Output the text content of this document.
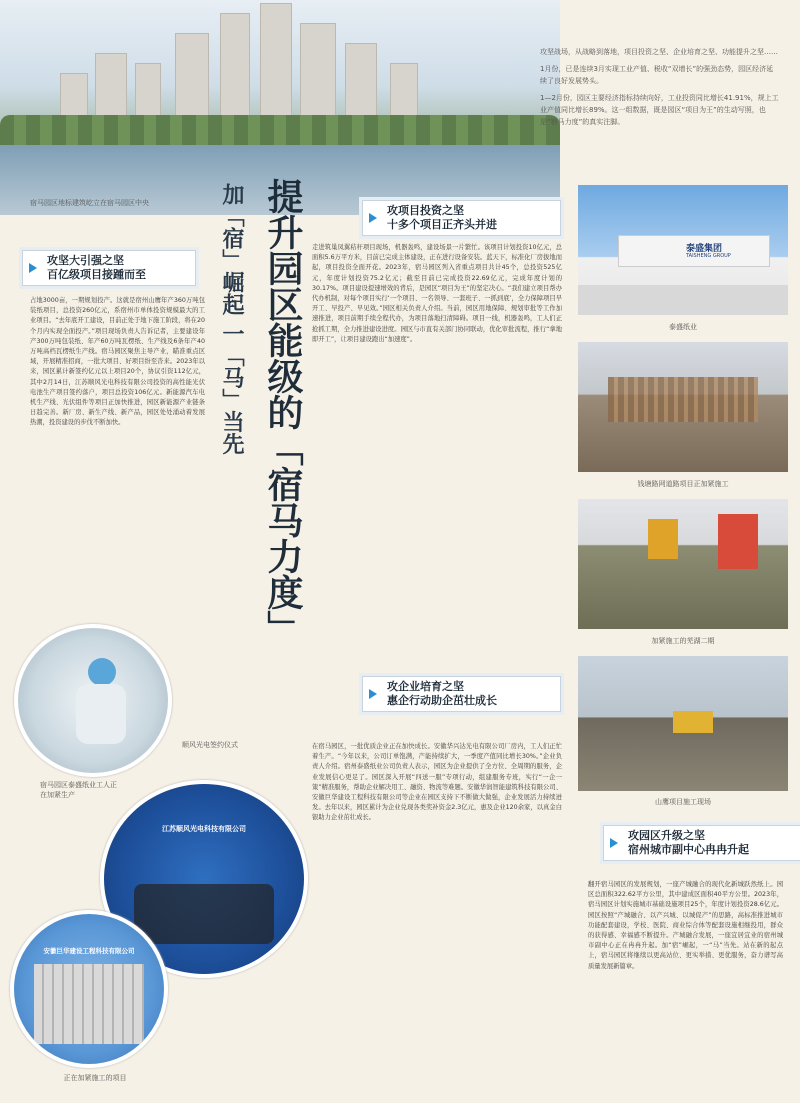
宿马园区地标建筑屹立在宿马园区中央

攻坚战场，从战略到落地，项目投资之坚、企业培育之坚、功能提升之坚……

1月份，已是连续3月实现工业产值、税收“双增长”的强劲态势，园区经济延续了良好发展势头。

1—2月份，园区主要经济指标持续向好，工业投资同比增长41.91%，规上工业产值同比增长89%。这一组数据，既是园区“项目为王”的生动写照，也是“宿马力度”的真实注脚。

提升园区能级的「宿马力度」
加「宿」崛起 一「马」当先
攻坚大引强之坚
百亿级项目接踵而至
占地3000亩，一期规划投产。这就是宿州山鹰年产360万吨包装纸项目，总投资260亿元，系宿州市单体投资规模最大的工业项目。“去年底开工建设，目前正处于地下施工阶段，将在20个月内实现全面投产。”项目现场负责人告诉记者，主要建设年产300万吨包装纸、年产60万吨瓦楞纸、生产线及6条年产40万吨高档瓦楞纸生产线。宿马园区聚焦主导产业，瞄准重点区域，开展精准招商，一批大项目、好项目纷至沓来。2023年以来，园区累计新签约亿元以上项目20个，协议引资112亿元，其中2月14日，江苏顺风光电科技有限公司投资的高性能光伏电池生产项目签约落户，项目总投资106亿元。新能源汽车电机生产线、光伏组件等项目正加快推进，园区新能源产业链条日趋完善。新厂房、新生产线、新产品，园区处处涌动着发展热潮，投资建设的步伐不断加快。
攻项目投资之坚
十多个项目正齐头并进
走进筑巢凤翼秸秆项目现场，机器轰鸣，建设场景一片繁忙。该项目计划投资10亿元，总面积5.6万平方米，目前已完成主体建设，正在进行设备安装。蓝天下，标准化厂房拔地而起，项目投资全面开花。2023年，宿马园区列入省重点项目共计45个，总投资525亿元，年度计划投资75.2亿元；截至目前已完成投资22.69亿元，完成年度计划的30.17%。项目建设提速增效的背后，是园区“项目为王”的坚定决心。“我们建立项目帮办代办机制，对每个项目实行‘一个项目、一名领导、一套班子、一抓到底’，全力保障项目早开工、早投产、早见效。”园区相关负责人介绍。当前，园区用地保障、规划审批等工作加速推进，项目前期手续全程代办，为项目落地扫清障碍。项目一线，机器轰鸣，工人们正抢抓工期，全力推进建设进度。园区与市直有关部门协同联动，优化审批流程，推行“拿地即开工”，让项目建设跑出“加速度”。
攻企业培育之坚
惠企行动助企茁壮成长
在宿马园区，一批优质企业正在加快成长。安徽华兴达光电有限公司厂房内，工人们正忙着生产。“今年以来，公司订单饱满，产能持续扩大，一季度产值同比增长30%。”企业负责人介绍。宿州泰盛纸业公司负责人表示，园区为企业提供了全方位、全周期的服务，企业发展信心更足了。园区深入开展“四送一服”专项行动，组建服务专班，实行“一企一策”精准服务，帮助企业解决用工、融资、物流等难题。安徽华润智能建筑科技有限公司、安徽巨华建设工程科技有限公司等企业在园区支持下不断做大做强，企业发展活力持续迸发。去年以来，园区累计为企业兑现各类奖补资金2.3亿元，惠及企业120余家，以真金白银助力企业茁壮成长。
攻园区升级之坚
宿州城市副中心冉冉升起
翻开宿马园区的发展规划，一座产城融合的现代化新城跃然纸上。园区总面积322.62平方公里，其中建成区面积40平方公里。2023年，宿马园区计划实施城市基础设施项目25个，年度计划投资28.6亿元。园区按照“产城融合、以产兴城、以城促产”的思路，高标准推进城市功能配套建设，学校、医院、商业综合体等配套设施相继投用，群众的获得感、幸福感不断提升。产城融合发展，一座宜居宜业的宿州城市副中心正在冉冉升起。加“宿”崛起，一“马”当先。站在新的起点上，宿马园区将继续以更高站位、更实举措、更优服务，奋力谱写高质量发展新篇章。
泰盛集团
TAISHENG GROUP
泰盛纸业
钱塘路网道路项目正加紧施工
加紧施工的芜湖二期
山鹰项目施工现场
宿马园区泰盛纸业工人正在加紧生产
顺风光电签约仪式
江苏顺风光电科技有限公司
安徽巨华建设工程科技有限公司
正在加紧施工的项目
